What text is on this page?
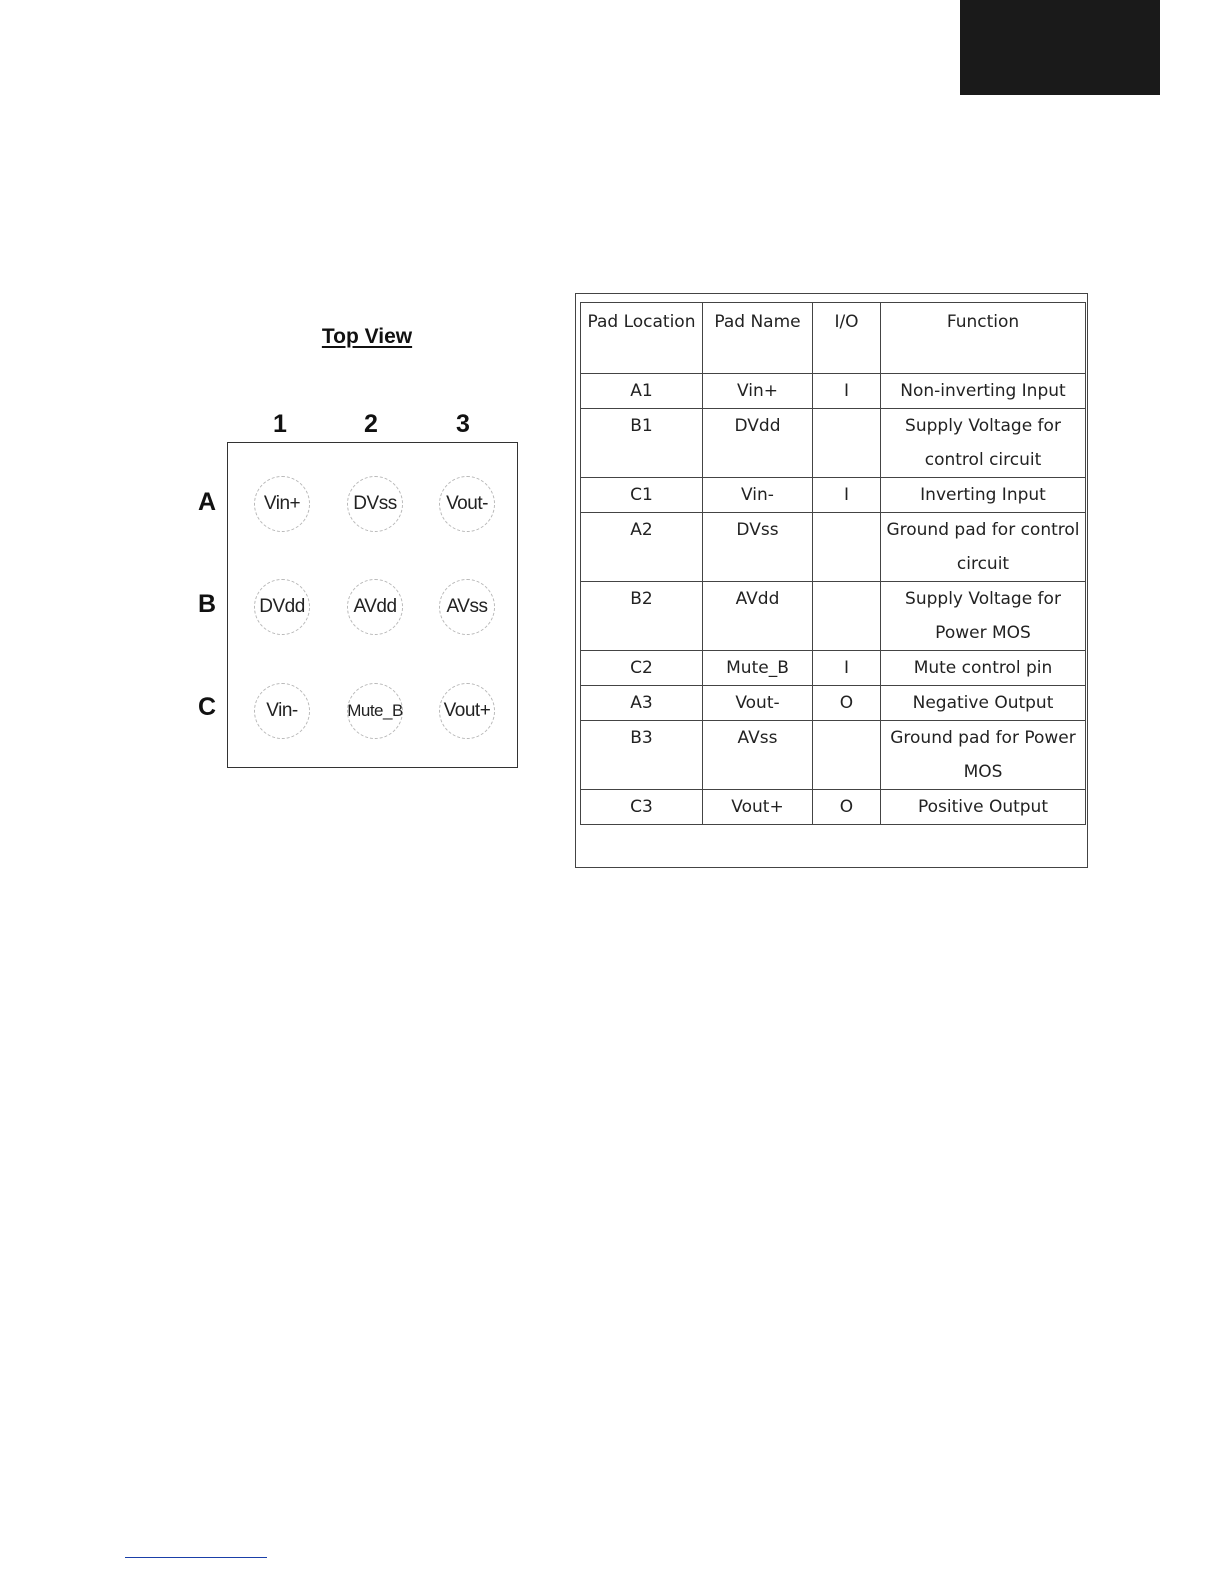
Top View
1	2	3
A
B
C
Vin+	DVss	Vout-
DVdd	AVdd	AVss
Vin-	Mute_B Vout+
Pad Location	Pad Name	I/O	Function
A1	Vin+	I	Non-inverting Input
B1	DVdd		Supply Voltage for control circuit
C1	Vin-	I	Inverting Input
A2	DVss		Ground pad for control circuit
B2	AVdd		Supply Voltage for Power MOS
C2	Mute_B	I	Mute control pin
A3	Vout-	O	Negative Output
B3	AVss		Ground pad for Power MOS
C3	Vout+	O	Positive Output
